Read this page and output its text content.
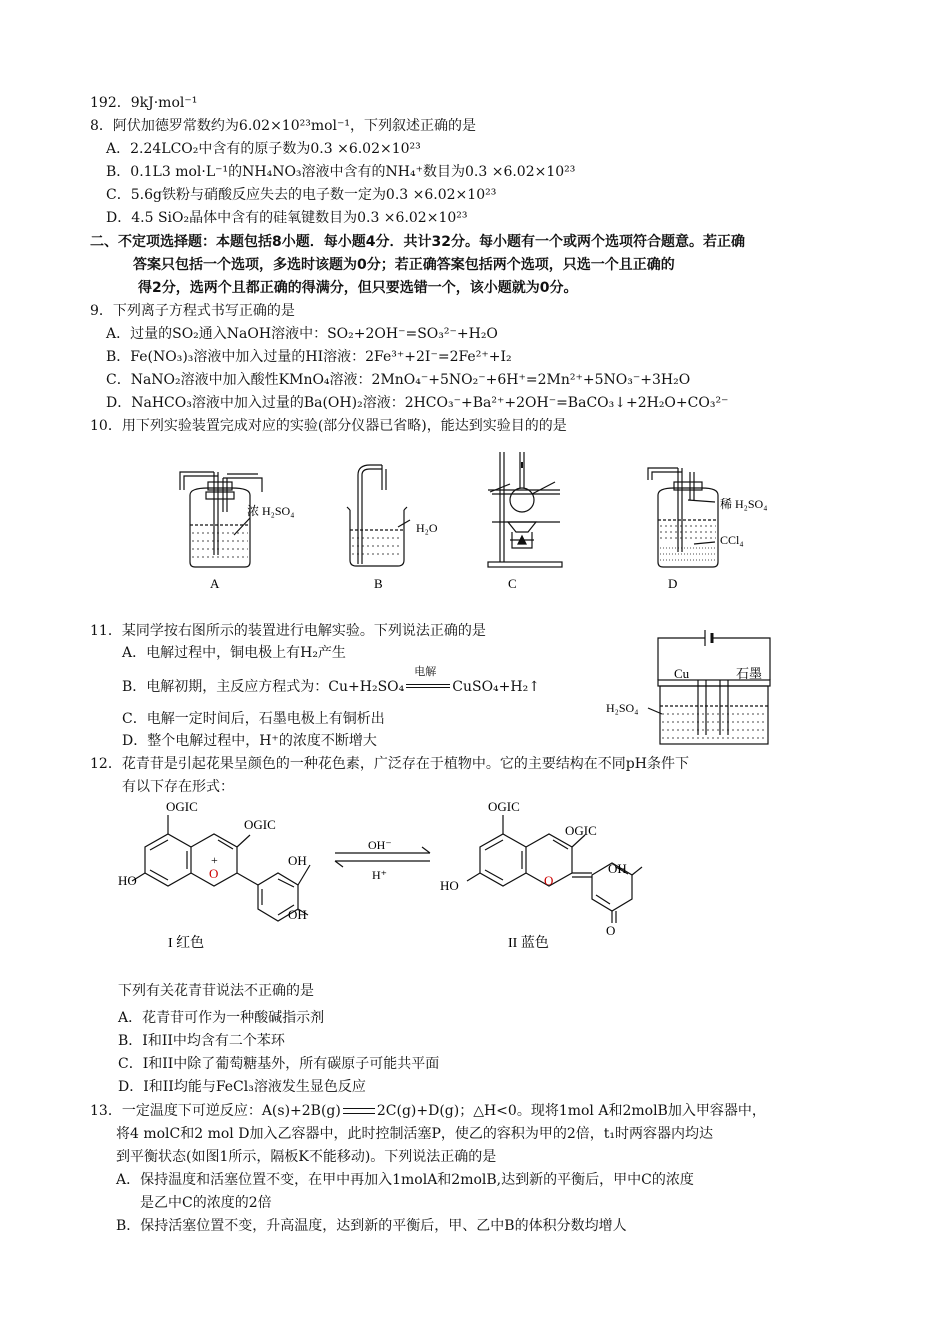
192．9kJ·mol⁻¹
8．阿伏加德罗常数约为6.02×10²³mol⁻¹，下列叙述正确的是
A．2.24LCO₂中含有的原子数为0.3 ×6.02×10²³
B．0.1L3 mol·L⁻¹的NH₄NO₃溶液中含有的NH₄⁺数目为0.3 ×6.02×10²³
C．5.6g铁粉与硝酸反应失去的电子数一定为0.3 ×6.02×10²³
D．4.5 SiO₂晶体中含有的硅氧键数目为0.3 ×6.02×10²³
二、不定项选择题：本题包括8小题．每小题4分．共计32分。每小题有一个或两个选项符合题意。若正确
答案只包括一个选项，多选时该题为0分；若正确答案包括两个选项，只选一个且正确的
得2分，选两个且都正确的得满分，但只要选错一个，该小题就为0分。
9．下列离子方程式书写正确的是
A．过量的SO₂通入NaOH溶液中：SO₂+2OH⁻=SO₃²⁻+H₂O
B．Fe(NO₃)₃溶液中加入过量的HI溶液：2Fe³⁺+2I⁻=2Fe²⁺+I₂
C．NaNO₂溶液中加入酸性KMnO₄溶液：2MnO₄⁻+5NO₂⁻+6H⁺=2Mn²⁺+5NO₃⁻+3H₂O
D．NaHCO₃溶液中加入过量的Ba(OH)₂溶液：2HCO₃⁻+Ba²⁺+2OH⁻=BaCO₃↓+2H₂O+CO₃²⁻
10．用下列实验装置完成对应的实验(部分仪器已省略)，能达到实验目的的是
浓 H₂SO₄
H₂O
稀 H₂SO₄
CCl₄
A	B	C	D
11．某同学按右图所示的装置进行电解实验。下列说法正确的是
A．电解过程中，铜电极上有H₂产生
B．电解初期，主反应方程式为：Cu+H₂SO₄
电解
CuSO₄+H₂↑
C．电解一定时间后，石墨电极上有铜析出
D．整个电解过程中，H⁺的浓度不断增大
Cu	石墨
H₂SO₄
12．花青苷是引起花果呈颜色的一种花色素，广泛存在于植物中。它的主要结构在不同pH条件下
有以下存在形式：
OGIC
OGIC
HO	O
+	OH
OH
OH⁻
H⁺
OGIC
OGIC
HO	O
OH
O
I 红色	II 蓝色
下列有关花青苷说法不正确的是
A．花青苷可作为一种酸碱指示剂
B．I和II中均含有二个苯环
C．I和II中除了葡萄糖基外，所有碳原子可能共平面
D．I和II均能与FeCl₃溶液发生显色反应
13．一定温度下可逆反应：A(s)+2B(g)	2C(g)+D(g)；△H<0。现将1mol A和2molB加入甲容器中，
将4 molC和2 mol D加入乙容器中，此时控制活塞P，使乙的容积为甲的2倍，t₁时两容器内均达
到平衡状态(如图1所示，隔板K不能移动)。下列说法正确的是
A．保持温度和活塞位置不变，在甲中再加入1molA和2molB,达到新的平衡后，甲中C的浓度
是乙中C的浓度的2倍
B．保持活塞位置不变，升高温度，达到新的平衡后，甲、乙中B的体积分数均增人
